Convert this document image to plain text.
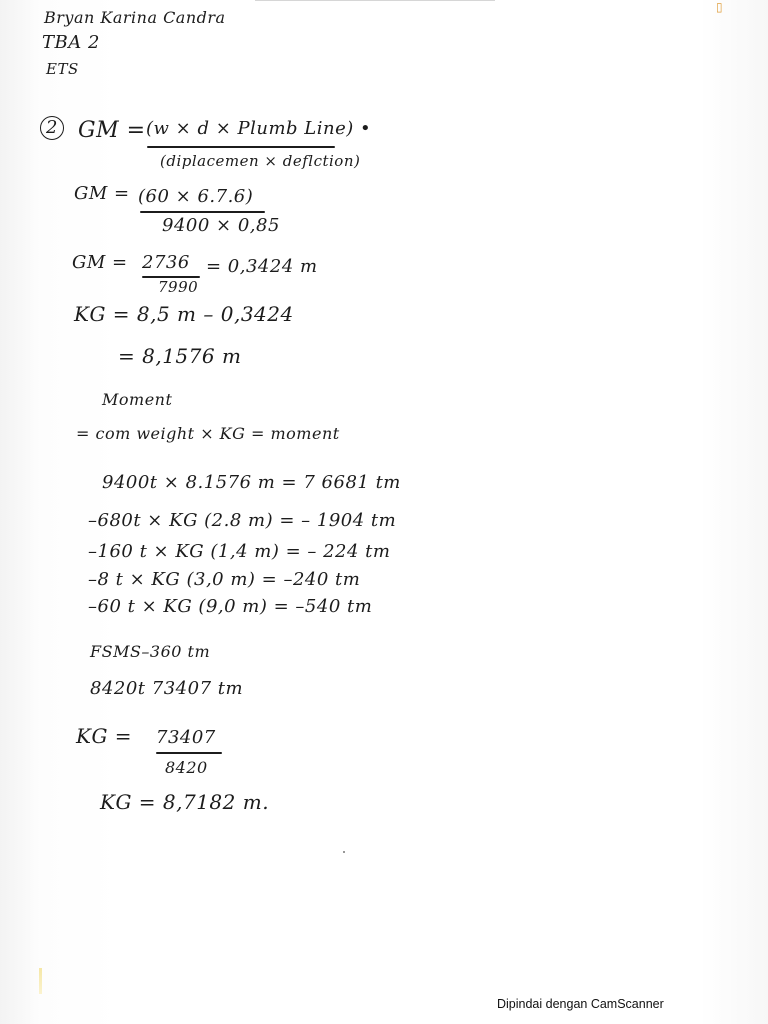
▯
Bryan Karina Candra
TBA 2
ETS
2 GM = (w × d × Plumb Line) •
(diplacemen × deflction)
GM = (60 × 6.7.6)
9400 × 0,85
GM = 2736
7990
= 0,3424 m
KG = 8,5 m – 0,3424
= 8,1576 m
Moment
= com weight × KG = moment
9400t × 8.1576 m = 7 6681 tm
–680t × KG (2.8 m) = – 1904 tm
–160 t × KG (1,4 m) = – 224 tm
–8 t × KG (3,0 m) = –240 tm
–60 t × KG (9,0 m) = –540 tm
FSMS–360 tm
8420t 73407 tm
KG = 73407
8420
KG = 8,7182 m.
Dipindai dengan CamScanner
